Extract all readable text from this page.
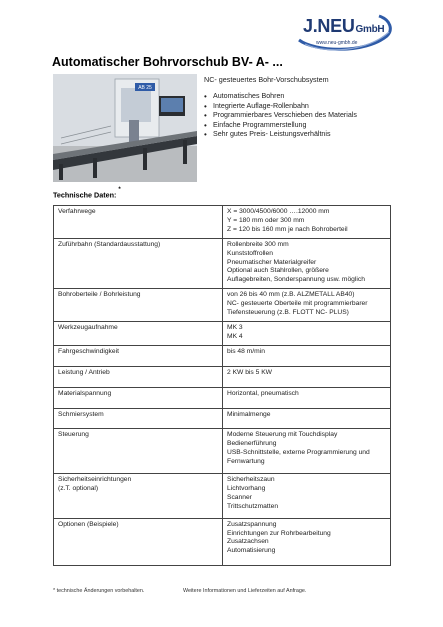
J.NEUGmbH
www.neu-gmbh.de
Automatischer Bohrvorschub BV- A- ...
AB 25
NC- gesteuertes Bohr-Vorschubsystem
• Automatisches Bohren
• Integrierte Auflage-Rollenbahn
• Programmierbares Verschieben des Materials
• Einfache Programmerstellung
• Sehr gutes Preis- Leistungsverhältnis
Technische Daten:*
Verfahrwege	X = 3000/4500/6000 ….12000 mm
Y = 180 mm oder 300 mm
Z = 120 bis 160 mm je nach Bohroberteil

Zuführbahn (Standardausstattung)	Rollenbreite 300 mm
Kunststoffrollen
Pneumatischer Materialgreifer
Optional auch Stahlrollen, größere
Auflagebreiten, Sonderspannung usw. möglich

Bohroberteile / Bohrleistung	von 26 bis 40 mm (z.B. ALZMETALL AB40)
NC- gesteuerte Oberteile mit programmierbarer
Tiefensteuerung (z.B. FLOTT NC- PLUS)

Werkzeugaufnahme	MK 3
MK 4

Fahrgeschwindigkeit	bis 48 m/min

Leistung / Antrieb	2 KW bis 5 KW

Materialspannung	Horizontal, pneumatisch

Schmiersystem	Minimalmenge

Steuerung	Moderne Steuerung mit Touchdisplay
Bedienerführung
USB-Schnittstelle, externe Programmierung und
Fernwartung

Sicherheitseinrichtungen
(z.T. optional)	Sicherheitszaun
Lichtvorhang
Scanner
Trittschutzmatten

Optionen (Beispiele)	Zusatzspannung
Einrichtungen zur Rohrbearbeitung
Zusatzachsen
Automatisierung
* technische Änderungen vorbehalten.	Weitere Informationen und Lieferzeiten auf Anfrage.
